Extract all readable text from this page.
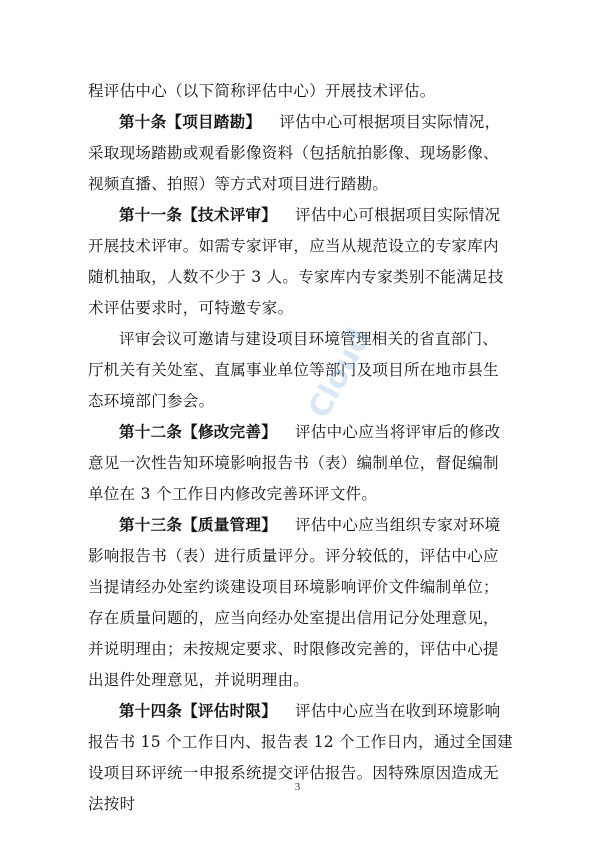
程评估中心（以下简称评估中心）开展技术评估。

第十条【项目踏勘】 评估中心可根据项目实际情况，采取现场踏勘或观看影像资料（包括航拍影像、现场影像、视频直播、拍照）等方式对项目进行踏勘。

第十一条【技术评审】 评估中心可根据项目实际情况开展技术评审。如需专家评审，应当从规范设立的专家库内随机抽取，人数不少于 3 人。专家库内专家类别不能满足技术评估要求时，可特邀专家。

评审会议可邀请与建设项目环境管理相关的省直部门、厅机关有关处室、直属事业单位等部门及项目所在地市县生态环境部门参会。

第十二条【修改完善】 评估中心应当将评审后的修改意见一次性告知环境影响报告书（表）编制单位，督促编制单位在 3 个工作日内修改完善环评文件。

第十三条【质量管理】 评估中心应当组织专家对环境影响报告书（表）进行质量评分。评分较低的，评估中心应当提请经办处室约谈建设项目环境影响评价文件编制单位；存在质量问题的，应当向经办处室提出信用记分处理意见，并说明理由；未按规定要求、时限修改完善的，评估中心提出退件处理意见，并说明理由。

第十四条【评估时限】 评估中心应当在收到环境影响报告书 15 个工作日内、报告表 12 个工作日内，通过全国建设项目环评统一申报系统提交评估报告。因特殊原因造成无法按时

Cloud
3
